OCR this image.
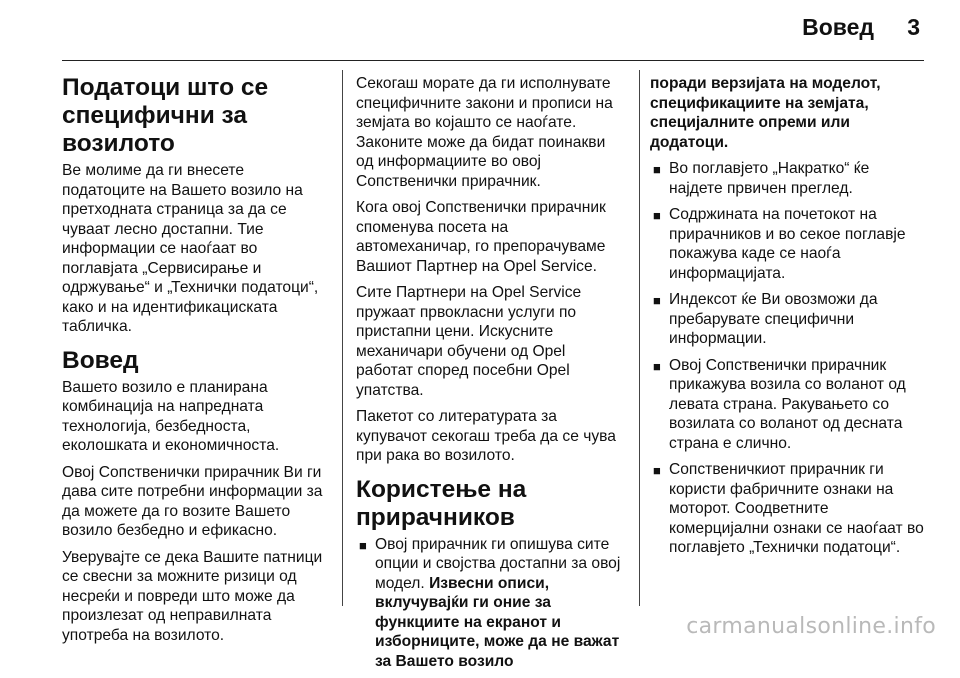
Вовед 3
Податоци што се специфични за возилото

Ве молиме да ги внесете податоците на Вашето возило на претходната страница за да се чуваат лесно достапни. Тие информации се наоѓаат во поглавјата „Сервисирање и одржување“ и „Технички податоци“, како и на идентификациската табличка.

Вовед

Вашето возило е планирана комбинација на напредната технологија, безбедноста, еколошката и економичноста.

Овој Сопственички прирачник Ви ги дава сите потребни информации за да можете да го возите Вашето возило безбедно и ефикасно.

Уверувајте се дека Вашите патници се свесни за можните ризици од несреќи и повреди што може да произлезат од неправилната употреба на возилото.

Секогаш морате да ги исполнувате специфичните закони и прописи на земјата во којашто се наоѓате. Законите може да бидат поинакви од информациите во овој Сопственички прирачник.

Кога овој Сопственички прирачник споменува посета на автомеханичар, го препорачуваме Вашиот Партнер на Opel Service.

Сите Партнери на Opel Service пружаат првокласни услуги по пристапни цени. Искусните механичари обучени од Opel работат според посебни Opel упатства.

Пакетот со литературата за купувачот секогаш треба да се чува при рака во возилото.

Користење на прирачников
■ Овој прирачник ги опишува сите опции и својства достапни за овој модел. Извесни описи, вклучувајќи ги оние за функциите на екранот и изборниците, може да не важат за Вашето возило

поради верзијата на моделот, спецификациите на земјата, специјалните опреми или додатоци.

■ Во поглавјето „Накратко“ ќе најдете првичен преглед.
■ Содржината на почетокот на прирачников и во секое поглавје покажува каде се наоѓа информацијата.
■ Индексот ќе Ви овозможи да пребарувате специфични информации.
■ Овој Сопственички прирачник прикажува возила со воланот од левата страна. Ракувањето со возилата со воланот од десната страна е слично.
■ Сопственичкиот прирачник ги користи фабричните ознаки на моторот. Соодветните комерцијални ознаки се наоѓаат во поглавјето „Технички податоци“.
carmanualsonline.info
